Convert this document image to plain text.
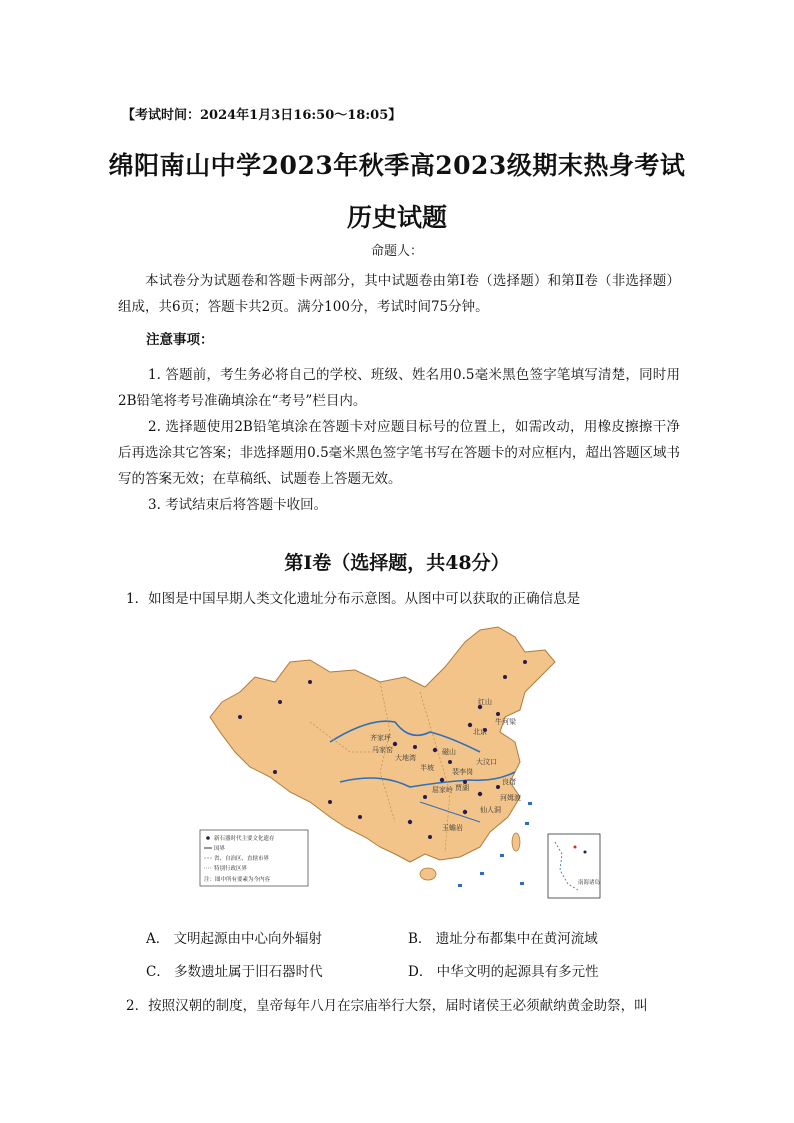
【考试时间：2024年1月3日16:50～18:05】
绵阳南山中学2023年秋季高2023级期末热身考试
历史试题
命题人：
本试卷分为试题卷和答题卡两部分，其中试题卷由第Ⅰ卷（选择题）和第Ⅱ卷（非选择题）组成，共6页；答题卡共2页。满分100分，考试时间75分钟。
注意事项：
1. 答题前，考生务必将自己的学校、班级、姓名用0.5毫米黑色签字笔填写清楚，同时用2B铅笔将考号准确填涂在“考号”栏目内。
2. 选择题使用2B铅笔填涂在答题卡对应题目标号的位置上，如需改动，用橡皮擦擦干净后再选涂其它答案；非选择题用0.5毫米黑色签字笔书写在答题卡的对应框内，超出答题区域书写的答案无效；在草稿纸、试题卷上答题无效。
3. 考试结束后将答题卡收回。
第Ⅰ卷（选择题，共48分）
1．如图是中国早期人类文化遗址分布示意图。从图中可以获取的正确信息是
红山
牛河梁
北京
大汶口
齐家坪
大地湾
半坡
磁山
裴李岗
贾湖
屈家岭
河姆渡
良渚
仙人洞
玉蟾岩
马家窑
新石器时代主要文化遗存
国界
省、自治区、直辖市界
特别行政区界
注：图中所有要素为今内容	南海诸岛
A． 文明起源由中心向外辐射	B． 遗址分布都集中在黄河流域
C． 多数遗址属于旧石器时代	D． 中华文明的起源具有多元性
2．按照汉朝的制度，皇帝每年八月在宗庙举行大祭，届时诸侯王必须献纳黄金助祭，叫
